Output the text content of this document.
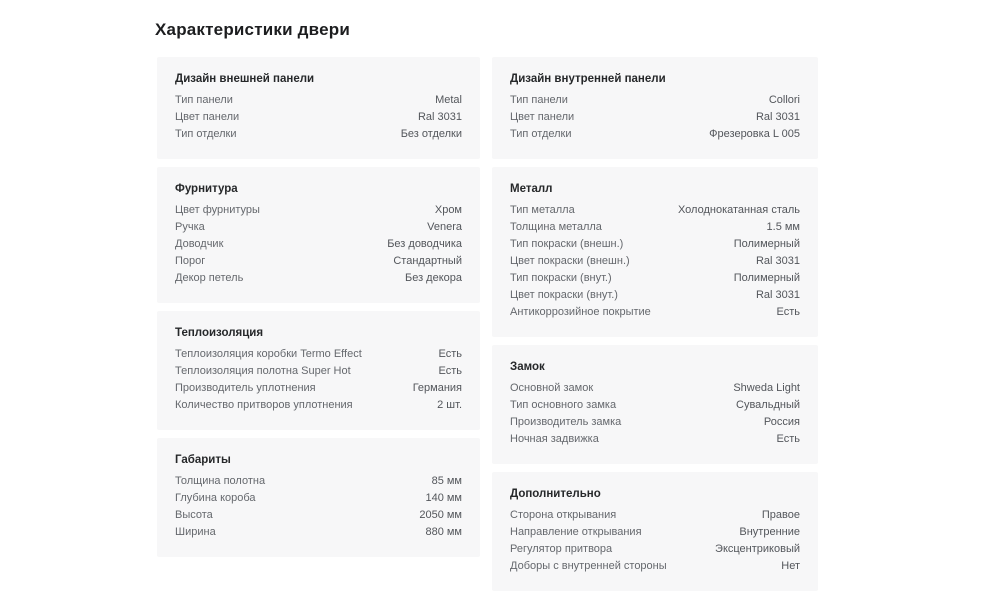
Характеристики двери
Дизайн внешней панели
Тип панели	Metal
Цвет панели	Ral 3031
Тип отделки	Без отделки
Фурнитура
Цвет фурнитуры	Хром
Ручка	Venera
Доводчик	Без доводчика
Порог	Стандартный
Декор петель	Без декора
Теплоизоляция
Теплоизоляция коробки Termo Effect	Есть
Теплоизоляция полотна Super Hot	Есть
Производитель уплотнения	Германия
Количество притворов уплотнения	2 шт.
Габариты
Толщина полотна	85 мм
Глубина короба	140 мм
Высота	2050 мм
Ширина	880 мм
Дизайн внутренней панели
Тип панели	Collori
Цвет панели	Ral 3031
Тип отделки	Фрезеровка L 005
Металл
Тип металла	Холоднокатанная сталь
Толщина металла	1.5 мм
Тип покраски (внешн.)	Полимерный
Цвет покраски (внешн.)	Ral 3031
Тип покраски (внут.)	Полимерный
Цвет покраски (внут.)	Ral 3031
Антикоррозийное покрытие	Есть
Замок
Основной замок	Shweda Light
Тип основного замка	Сувальдный
Производитель замка	Россия
Ночная задвижка	Есть
Дополнительно
Сторона открывания	Правое
Направление открывания	Внутренние
Регулятор притвора	Эксцентриковый
Доборы с внутренней стороны	Нет
